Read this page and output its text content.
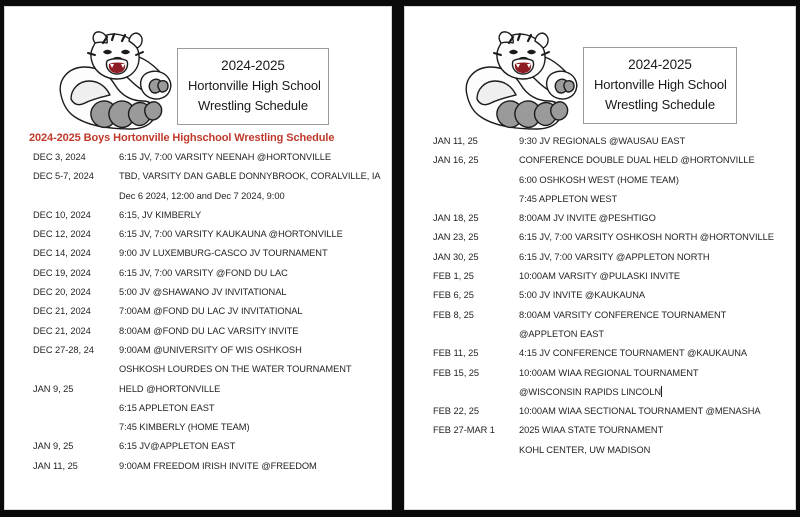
2024-2025
Hortonville High School
Wrestling Schedule
2024-2025 Boys Hortonville Highschool Wrestling Schedule
DEC 3, 2024	6:15 JV, 7:00 VARSITY NEENAH @HORTONVILLE
DEC 5-7, 2024	TBD, VARSITY DAN GABLE DONNYBROOK, CORALVILLE, IA
Dec 6 2024, 12:00 and Dec 7 2024, 9:00
DEC 10, 2024	6:15, JV KIMBERLY
DEC 12, 2024	6:15 JV, 7:00 VARSITY KAUKAUNA @HORTONVILLE
DEC 14, 2024	9:00 JV LUXEMBURG-CASCO JV TOURNAMENT
DEC 19, 2024	6:15 JV, 7:00 VARSITY @FOND DU LAC
DEC 20, 2024	5:00 JV @SHAWANO JV INVITATIONAL
DEC 21, 2024	7:00AM @FOND DU LAC JV INVITATIONAL
DEC 21, 2024	8:00AM @FOND DU LAC VARSITY INVITE
DEC 27-28, 24	9:00AM @UNIVERSITY OF WIS OSHKOSH
OSHKOSH LOURDES ON THE WATER TOURNAMENT
JAN 9, 25	HELD @HORTONVILLE
6:15 APPLETON EAST
7:45 KIMBERLY (HOME TEAM)
JAN 9, 25	6:15 JV@APPLETON EAST
JAN 11, 25	9:00AM FREEDOM IRISH INVITE @FREEDOM
2024-2025
Hortonville High School
Wrestling Schedule
JAN 11, 25	9:30 JV REGIONALS @WAUSAU EAST
JAN 16, 25	CONFERENCE DOUBLE DUAL HELD @HORTONVILLE
6:00 OSHKOSH WEST (HOME TEAM)
7:45 APPLETON WEST
JAN 18, 25	8:00AM JV INVITE @PESHTIGO
JAN 23, 25	6:15 JV, 7:00 VARSITY OSHKOSH NORTH @HORTONVILLE
JAN 30, 25	6:15 JV, 7:00 VARSITY @APPLETON NORTH
FEB 1, 25	10:00AM VARSITY @PULASKI INVITE
FEB 6, 25	5:00 JV INVITE @KAUKAUNA
FEB 8, 25	8:00AM VARSITY CONFERENCE TOURNAMENT
@APPLETON EAST
FEB 11, 25	4:15 JV CONFERENCE TOURNAMENT @KAUKAUNA
FEB 15, 25	10:00AM WIAA REGIONAL TOURNAMENT
@WISCONSIN RAPIDS LINCOLN
FEB 22, 25	10:00AM WIAA SECTIONAL TOURNAMENT @MENASHA
FEB 27-MAR 1	2025 WIAA STATE TOURNAMENT
KOHL CENTER, UW MADISON
